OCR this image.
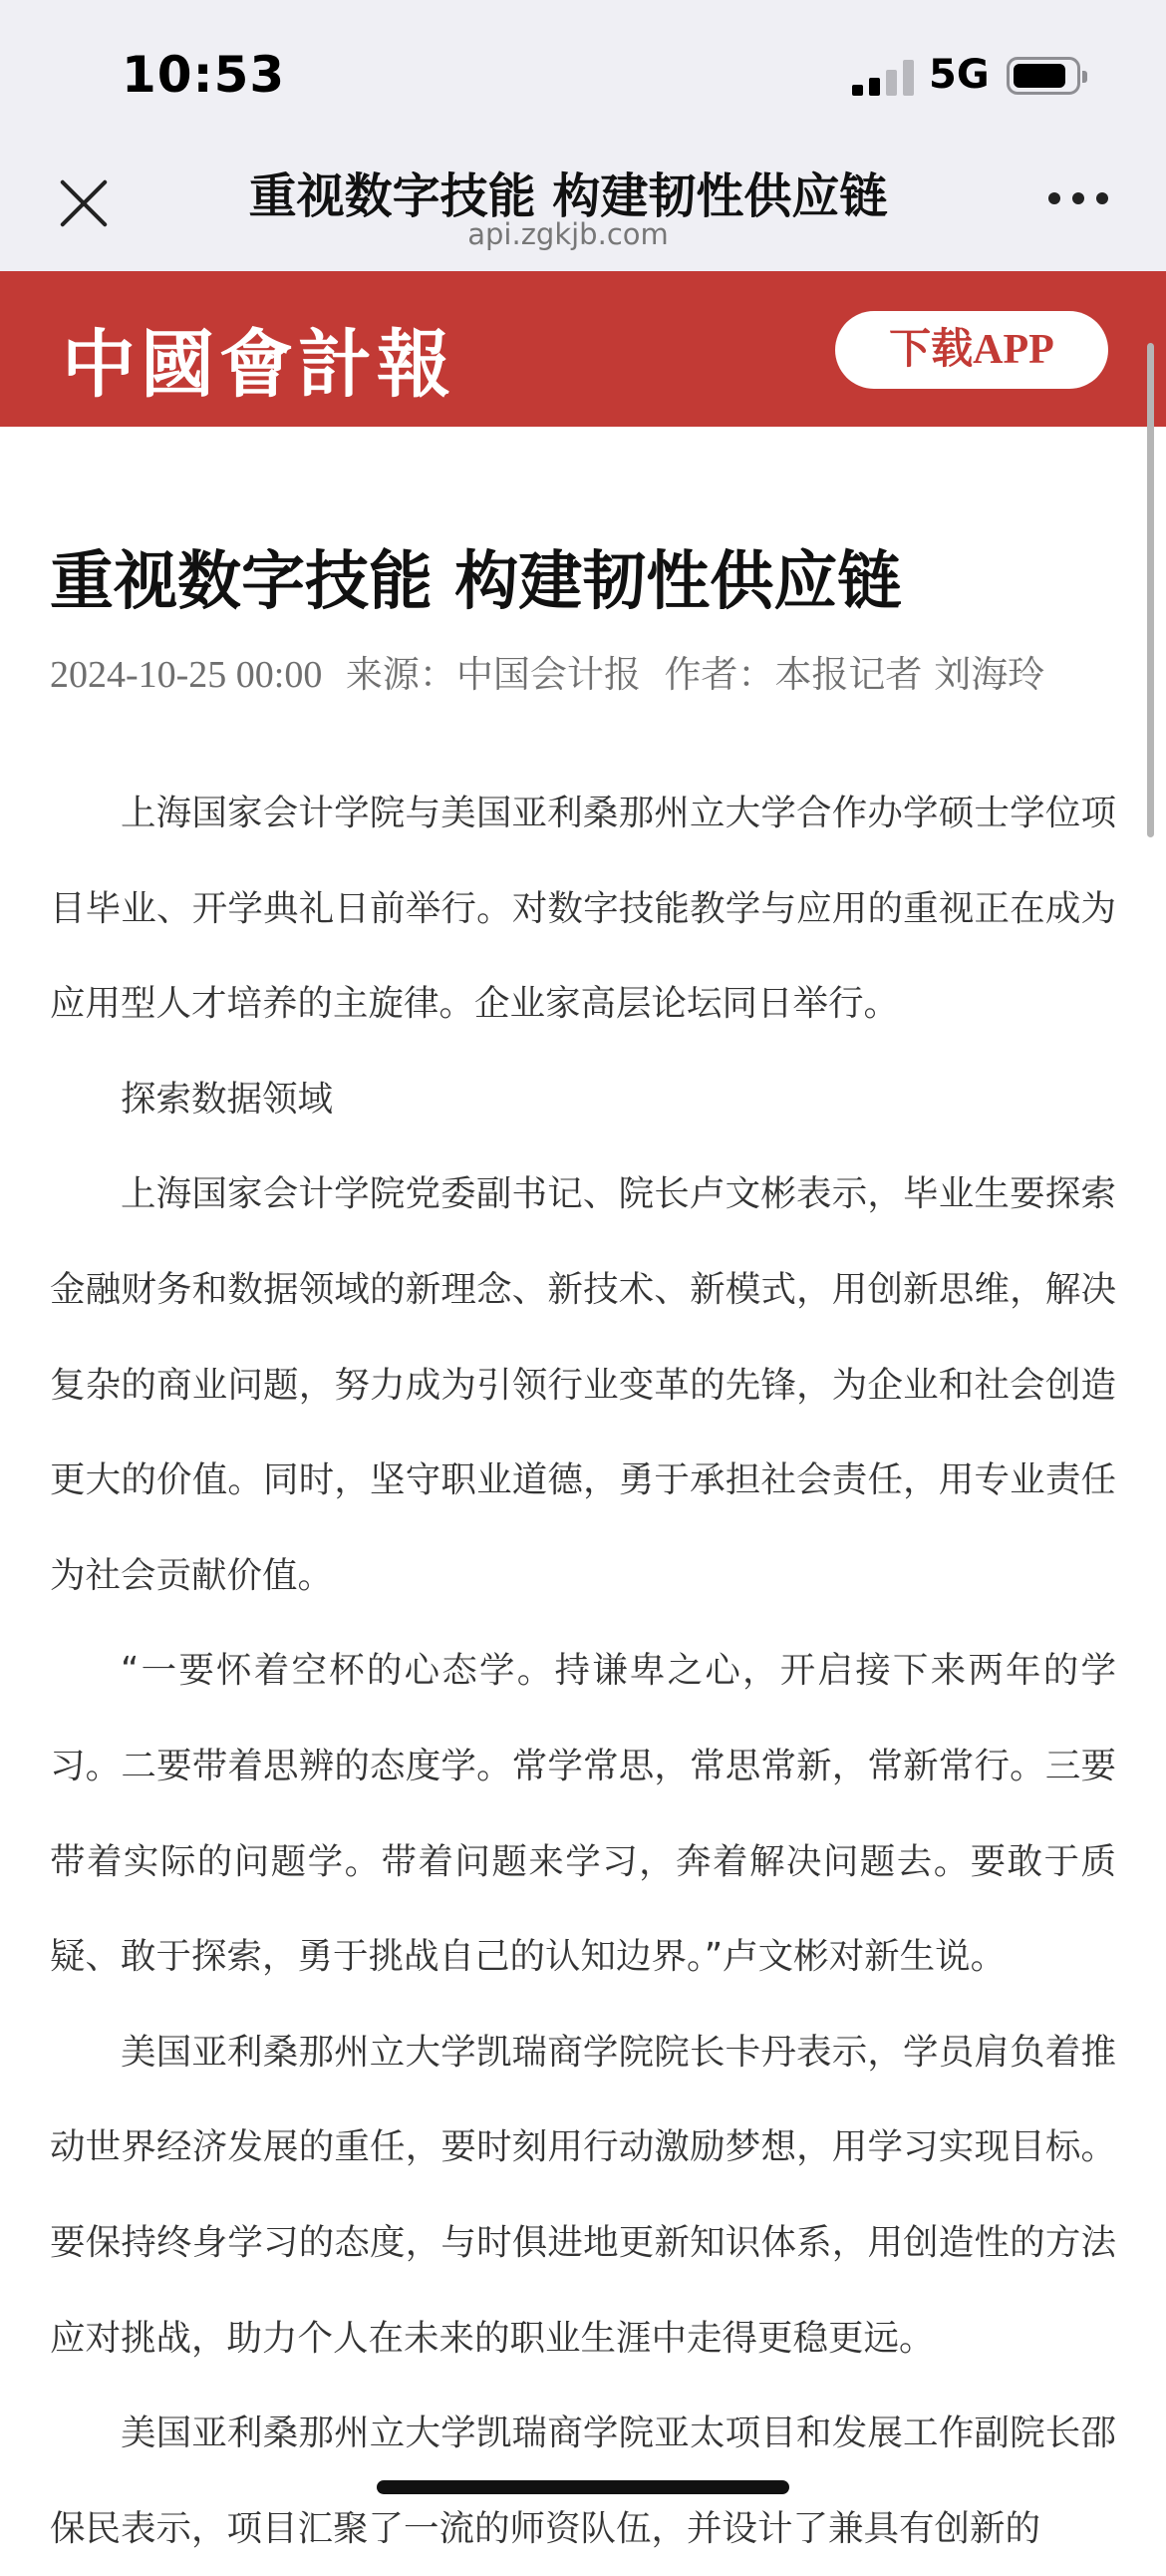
10:53	5G
重视数字技能 构建韧性供应链
api.zgkjb.com
中國會計報	下载APP
重视数字技能 构建韧性供应链
2024-10-25 00:00 来源：中国会计报 作者：本报记者 刘海玲

上海国家会计学院与美国亚利桑那州立大学合作办学硕士学位项目毕业、开学典礼日前举行。对数字技能教学与应用的重视正在成为应用型人才培养的主旋律。企业家高层论坛同日举行。

探索数据领域

上海国家会计学院党委副书记、院长卢文彬表示，毕业生要探索金融财务和数据领域的新理念、新技术、新模式，用创新思维，解决复杂的商业问题，努力成为引领行业变革的先锋，为企业和社会创造更大的价值。同时，坚守职业道德，勇于承担社会责任，用专业责任为社会贡献价值。

“一要怀着空杯的心态学。持谦卑之心，开启接下来两年的学习。二要带着思辨的态度学。常学常思，常思常新，常新常行。三要带着实际的问题学。带着问题来学习，奔着解决问题去。要敢于质疑、敢于探索，勇于挑战自己的认知边界。”卢文彬对新生说。

美国亚利桑那州立大学凯瑞商学院院长卡丹表示，学员肩负着推动世界经济发展的重任，要时刻用行动激励梦想，用学习实现目标。要保持终身学习的态度，与时俱进地更新知识体系，用创造性的方法应对挑战，助力个人在未来的职业生涯中走得更稳更远。

美国亚利桑那州立大学凯瑞商学院亚太项目和发展工作副院长邵保民表示，项目汇聚了一流的师资队伍，并设计了兼具有创新的
